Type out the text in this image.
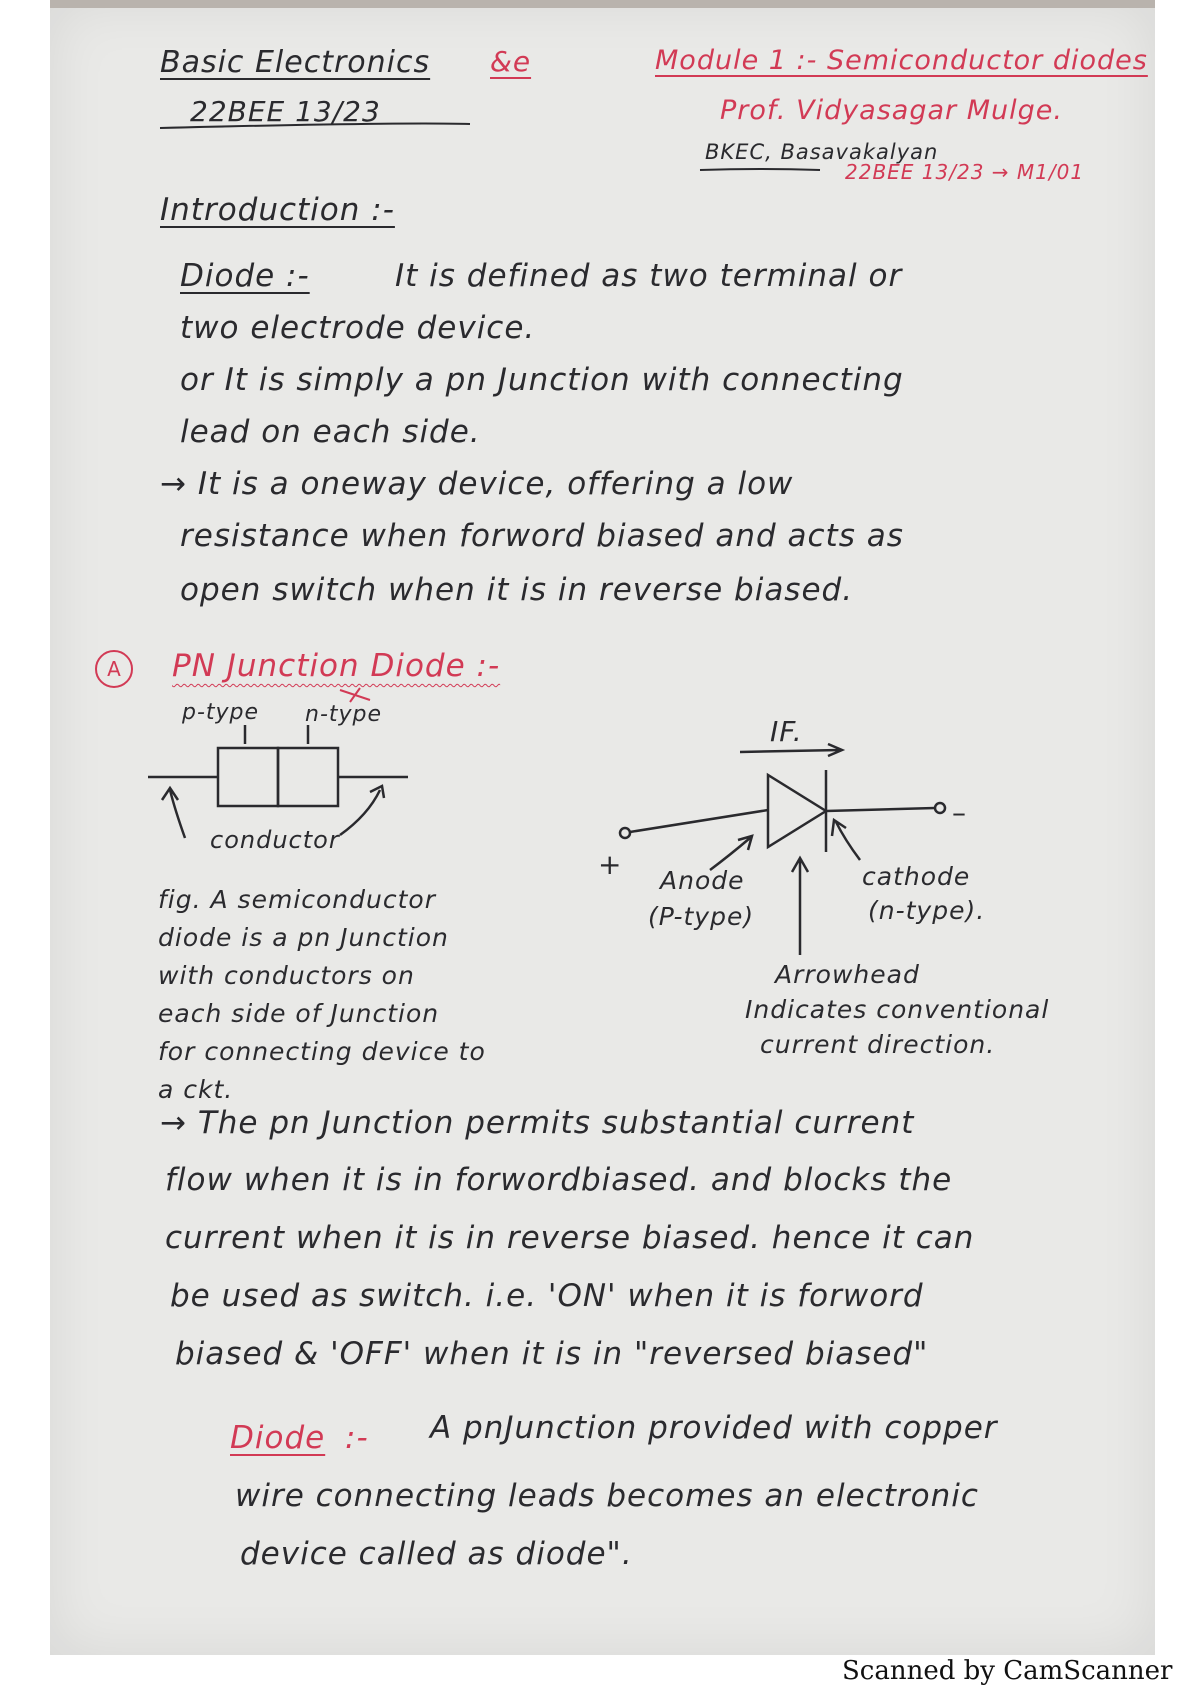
Basic Electronics &e
22BEE 13/23
Module 1 :- Semiconductor diodes
Prof. Vidyasagar Mulge.
BKEC, Basavakalyan
22BEE 13/23 → M1/01
Introduction :-
Diode :-	It is defined as two terminal or
two electrode device.
or It is simply a pn Junction with connecting
lead on each side.
→ It is a oneway device, offering a low
resistance when forword biased and acts as
open switch when it is in reverse biased.
A	PN Junction Diode :-
p-type n-type
conductor
fig. A semiconductor
diode is a pn Junction
with conductors on
each side of Junction
for connecting device to
a ckt.
IF.
+
–
Anode
(P-type)
cathode
(n-type).
Arrowhead
Indicates conventional
current direction.
→ The pn Junction permits substantial current
flow when it is in forwordbiased. and blocks the
current when it is in reverse biased. hence it can
be used as switch. i.e. 'ON' when it is forword
biased & 'OFF' when it is in "reversed biased"
Diode :- A pnJunction provided with copper
wire connecting leads becomes an electronic
device called as diode".
Scanned by CamScanner
